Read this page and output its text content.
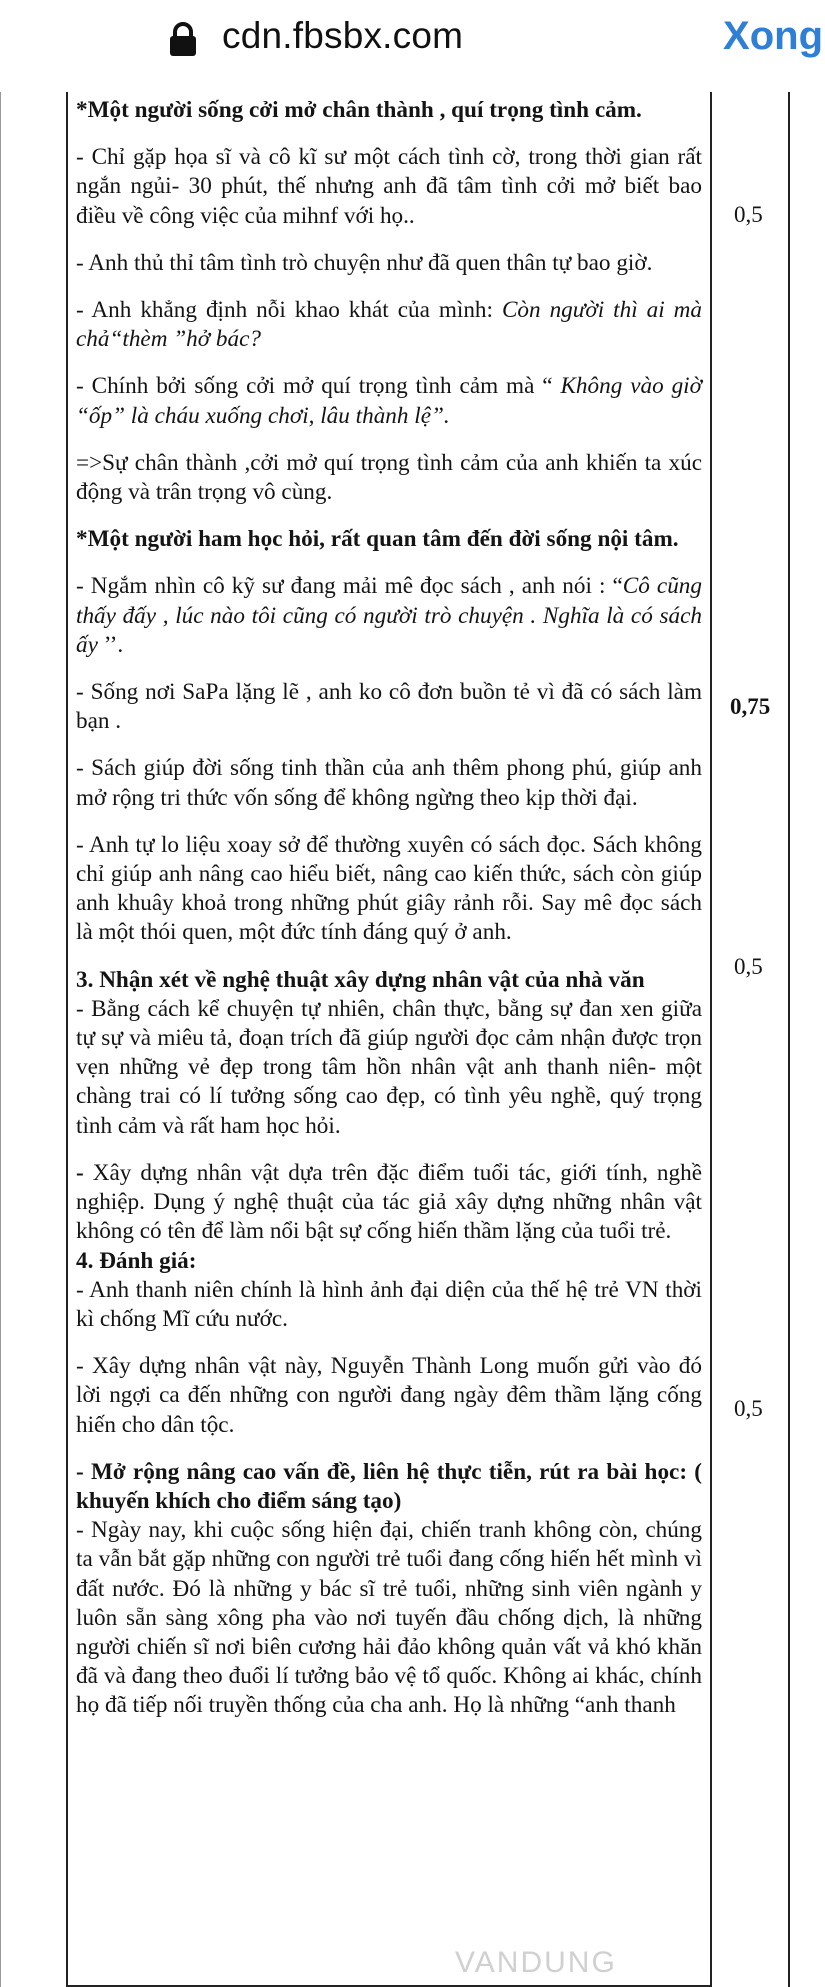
cdn.fbsbx.com	Xong

*Một người sống cởi mở chân thành , quí trọng tình cảm.

- Chỉ gặp họa sĩ và cô kĩ sư một cách tình cờ, trong thời gian rất ngắn ngủi- 30 phút, thế nhưng anh đã tâm tình cởi mở biết bao điều về công việc của mihnf với họ..

- Anh thủ thỉ tâm tình trò chuyện như đã quen thân tự bao giờ.

- Anh khẳng định nỗi khao khát của mình: Còn người thì ai mà chả“thèm ”hở bác?

- Chính bởi sống cởi mở quí trọng tình cảm mà “ Không vào giờ “ốp” là cháu xuống chơi, lâu thành lệ”.

=>Sự chân thành ,cởi mở quí trọng tình cảm của anh khiến ta xúc động và trân trọng vô cùng.

*Một người ham học hỏi, rất quan tâm đến đời sống nội tâm.

- Ngắm nhìn cô kỹ sư đang mải mê đọc sách , anh nói : “Cô cũng thấy đấy , lúc nào tôi cũng có người trò chuyện . Nghĩa là có sách ấy ’’.

- Sống nơi SaPa lặng lẽ , anh ko cô đơn buồn tẻ vì đã có sách làm bạn .

- Sách giúp đời sống tinh thần của anh thêm phong phú, giúp anh mở rộng tri thức vốn sống để không ngừng theo kịp thời đại.

- Anh tự lo liệu xoay sở để thường xuyên có sách đọc. Sách không chỉ giúp anh nâng cao hiểu biết, nâng cao kiến thức, sách còn giúp anh khuây khoả trong những phút giây rảnh rỗi. Say mê đọc sách là một thói quen, một đức tính đáng quý ở anh.

3. Nhận xét về nghệ thuật xây dựng nhân vật của nhà văn

- Bằng cách kể chuyện tự nhiên, chân thực, bằng sự đan xen giữa tự sự và miêu tả, đoạn trích đã giúp người đọc cảm nhận được trọn vẹn những vẻ đẹp trong tâm hồn nhân vật anh thanh niên- một chàng trai có lí tưởng sống cao đẹp, có tình yêu nghề, quý trọng tình cảm và rất ham học hỏi.

- Xây dựng nhân vật dựa trên đặc điểm tuổi tác, giới tính, nghề nghiệp. Dụng ý nghệ thuật của tác giả xây dựng những nhân vật không có tên để làm nổi bật sự cống hiến thầm lặng của tuổi trẻ.

4. Đánh giá:

- Anh thanh niên chính là hình ảnh đại diện của thế hệ trẻ VN thời kì chống Mĩ cứu nước.

- Xây dựng nhân vật này, Nguyễn Thành Long muốn gửi vào đó lời ngợi ca đến những con người đang ngày đêm thầm lặng cống hiến cho dân tộc.

- Mở rộng nâng cao vấn đề, liên hệ thực tiễn, rút ra bài học: ( khuyến khích cho điểm sáng tạo)

- Ngày nay, khi cuộc sống hiện đại, chiến tranh không còn, chúng ta vẫn bắt gặp những con người trẻ tuổi đang cống hiến hết mình vì đất nước. Đó là những y bác sĩ trẻ tuổi, những sinh viên ngành y luôn sẵn sàng xông pha vào nơi tuyến đầu chống dịch, là những người chiến sĩ nơi biên cương hải đảo không quản vất vả khó khăn đã và đang theo đuổi lí tưởng bảo vệ tổ quốc. Không ai khác, chính họ đã tiếp nối truyền thống của cha anh. Họ là những “anh thanh

0,5
0,75
0,5
0,5
VANDUNG
